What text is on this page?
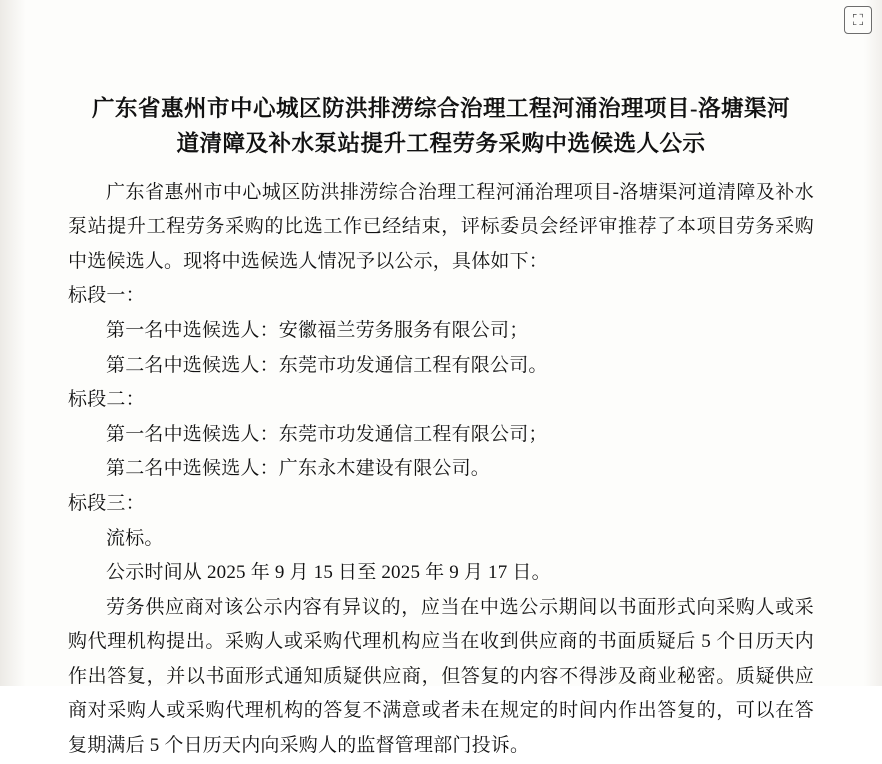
⛶
广东省惠州市中心城区防洪排涝综合治理工程河涌治理项目-洛塘渠河
道清障及补水泵站提升工程劳务采购中选候选人公示

广东省惠州市中心城区防洪排涝综合治理工程河涌治理项目-洛塘渠河道清障及补水泵站提升工程劳务采购的比选工作已经结束，评标委员会经评审推荐了本项目劳务采购中选候选人。现将中选候选人情况予以公示，具体如下：

标段一：

第一名中选候选人：安徽福兰劳务服务有限公司；

第二名中选候选人：东莞市功发通信工程有限公司。

标段二：

第一名中选候选人：东莞市功发通信工程有限公司；

第二名中选候选人：广东永木建设有限公司。

标段三：

流标。

公示时间从 2025 年 9 月 15 日至 2025 年 9 月 17 日。

劳务供应商对该公示内容有异议的，应当在中选公示期间以书面形式向采购人或采购代理机构提出。采购人或采购代理机构应当在收到供应商的书面质疑后 5 个日历天内作出答复，并以书面形式通知质疑供应商，但答复的内容不得涉及商业秘密。质疑供应商对采购人或采购代理机构的答复不满意或者未在规定的时间内作出答复的，可以在答复期满后 5 个日历天内向采购人的监督管理部门投诉。
